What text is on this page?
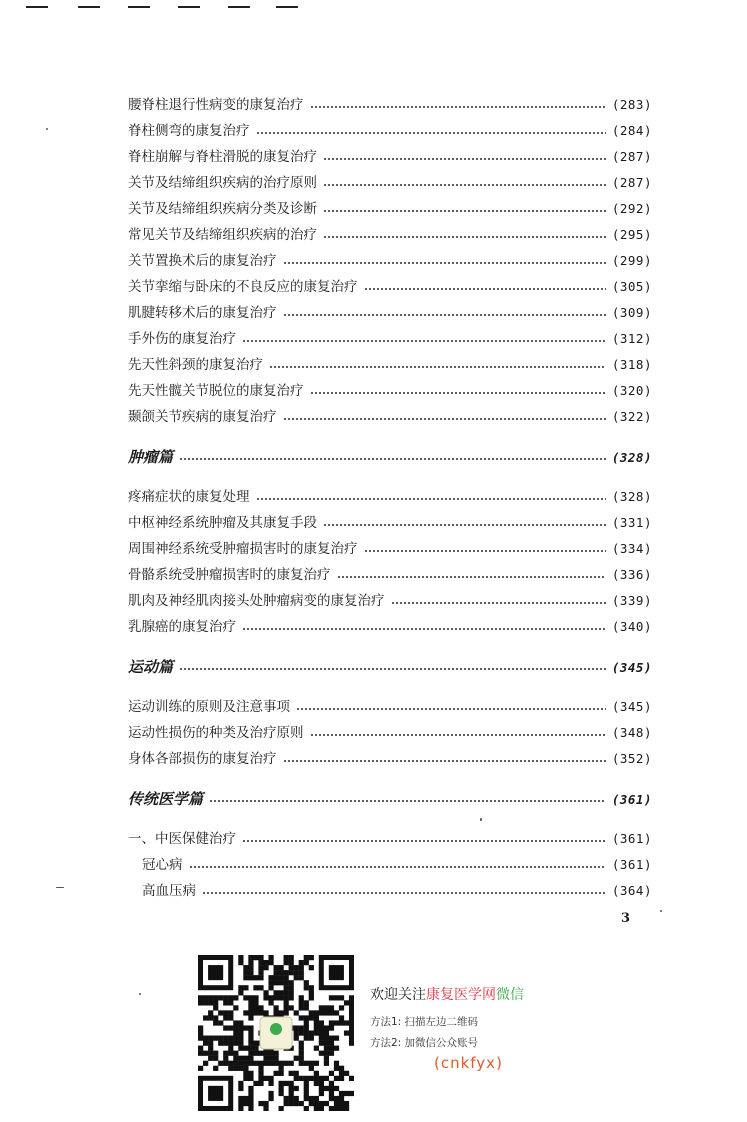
腰脊柱退行性病变的康复治疗	(283)
脊柱侧弯的康复治疗	(284)
脊柱崩解与脊柱滑脱的康复治疗	(287)
关节及结缔组织疾病的治疗原则	(287)
关节及结缔组织疾病分类及诊断	(292)
常见关节及结缔组织疾病的治疗	(295)
关节置换术后的康复治疗	(299)
关节挛缩与卧床的不良反应的康复治疗	(305)
肌腱转移术后的康复治疗	(309)
手外伤的康复治疗	(312)
先天性斜颈的康复治疗	(318)
先天性髋关节脱位的康复治疗	(320)
颞颌关节疾病的康复治疗	(322)
肿瘤篇	(328)
疼痛症状的康复处理	(328)
中枢神经系统肿瘤及其康复手段	(331)
周围神经系统受肿瘤损害时的康复治疗	(334)
骨骼系统受肿瘤损害时的康复治疗	(336)
肌肉及神经肌肉接头处肿瘤病变的康复治疗	(339)
乳腺癌的康复治疗	(340)
运动篇	(345)
运动训练的原则及注意事项	(345)
运动性损伤的种类及治疗原则	(348)
身体各部损伤的康复治疗	(352)
传统医学篇	(361)
一、中医保健治疗	(361)
冠心病	(361)
高血压病	(364)
3
欢迎关注康复医学网微信
方法1: 扫描左边二维码
方法2: 加微信公众账号
(cnkfyx)
